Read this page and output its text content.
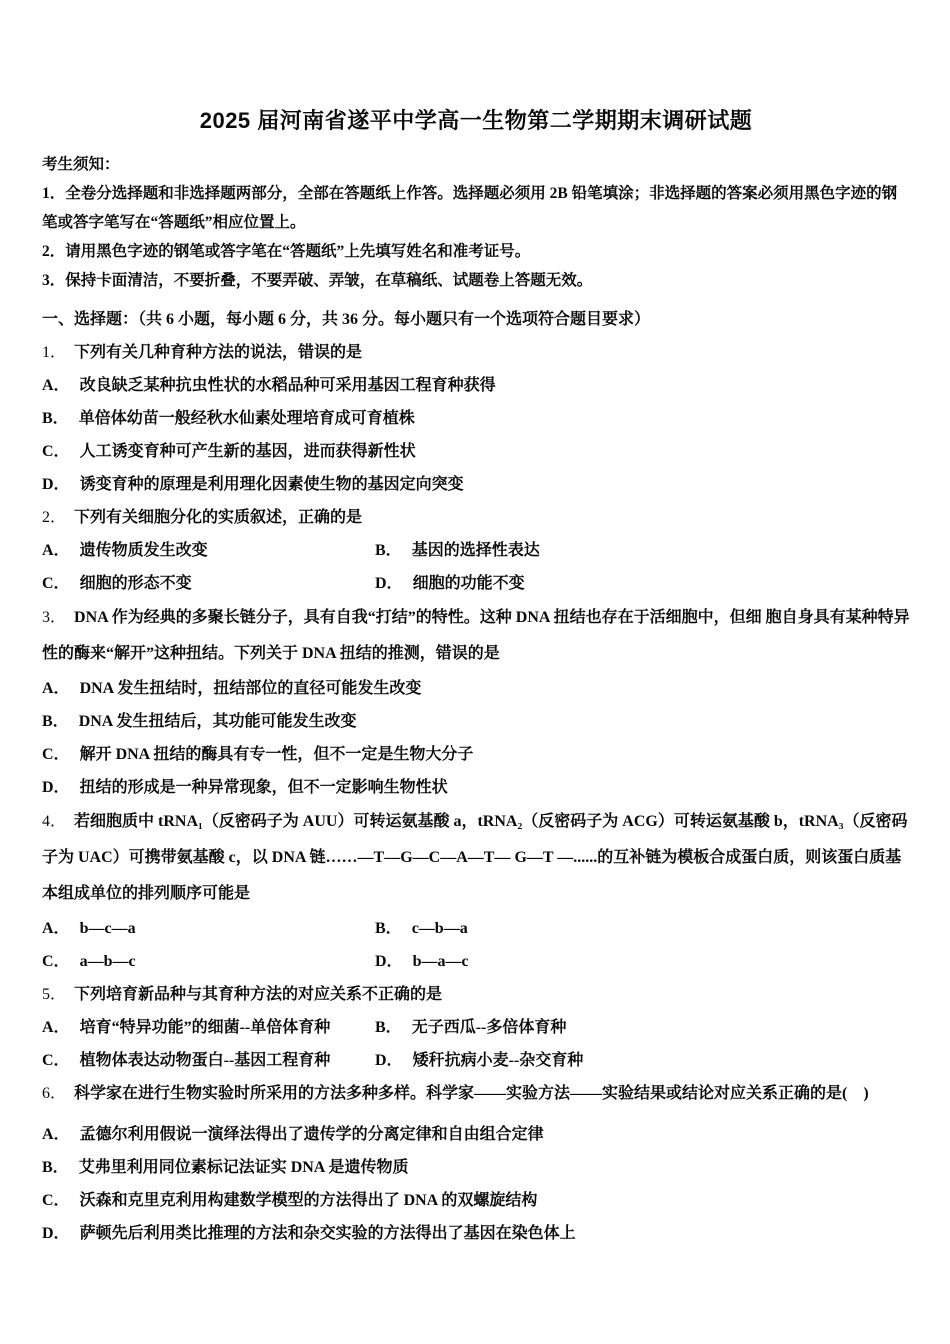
2025 届河南省遂平中学高一生物第二学期期末调研试题

考生须知：

1．全卷分选择题和非选择题两部分，全部在答题纸上作答。选择题必须用 2B 铅笔填涂；非选择题的答案必须用黑色字迹的钢笔或答字笔写在“答题纸”相应位置上。

2．请用黑色字迹的钢笔或答字笔在“答题纸”上先填写姓名和准考证号。

3．保持卡面清洁，不要折叠，不要弄破、弄皱，在草稿纸、试题卷上答题无效。

一、选择题：（共 6 小题，每小题 6 分，共 36 分。每小题只有一个选项符合题目要求）

1． 下列有关几种育种方法的说法，错误的是

A． 改良缺乏某种抗虫性状的水稻品种可采用基因工程育种获得

B． 单倍体幼苗一般经秋水仙素处理培育成可育植株

C． 人工诱变育种可产生新的基因，进而获得新性状

D． 诱变育种的原理是利用理化因素使生物的基因定向突变

2． 下列有关细胞分化的实质叙述，正确的是

A． 遗传物质发生改变	B． 基因的选择性表达

C． 细胞的形态不变	D． 细胞的功能不变

3． DNA 作为经典的多聚长链分子，具有自我“打结”的特性。这种 DNA 扭结也存在于活细胞中，但细 胞自身具有某种特异性的酶来“解开”这种扭结。下列关于 DNA 扭结的推测，错误的是

A． DNA 发生扭结时，扭结部位的直径可能发生改变

B． DNA 发生扭结后，其功能可能发生改变

C． 解开 DNA 扭结的酶具有专一性，但不一定是生物大分子

D． 扭结的形成是一种异常现象，但不一定影响生物性状

4． 若细胞质中 tRNA₁（反密码子为 AUU）可转运氨基酸 a，tRNA₂（反密码子为 ACG）可转运氨基酸 b，tRNA₃（反密码子为 UAC）可携带氨基酸 c，以 DNA 链……—T—G—C—A—T— G—T —......的互补链为模板合成蛋白质，则该蛋白质基本组成单位的排列顺序可能是

A． b—c—a	B． c—b—a

C． a—b—c	D． b—a—c

5． 下列培育新品种与其育种方法的对应关系不正确的是

A． 培育“特异功能”的细菌--单倍体育种	B． 无子西瓜--多倍体育种

C． 植物体表达动物蛋白--基因工程育种	D． 矮秆抗病小麦--杂交育种

6． 科学家在进行生物实验时所采用的方法多种多样。科学家——实验方法——实验结果或结论对应关系正确的是(　)

A． 孟德尔利用假说一演绎法得出了遗传学的分离定律和自由组合定律

B． 艾弗里利用同位素标记法证实 DNA 是遗传物质

C． 沃森和克里克利用构建数学模型的方法得出了 DNA 的双螺旋结构

D． 萨顿先后利用类比推理的方法和杂交实验的方法得出了基因在染色体上
